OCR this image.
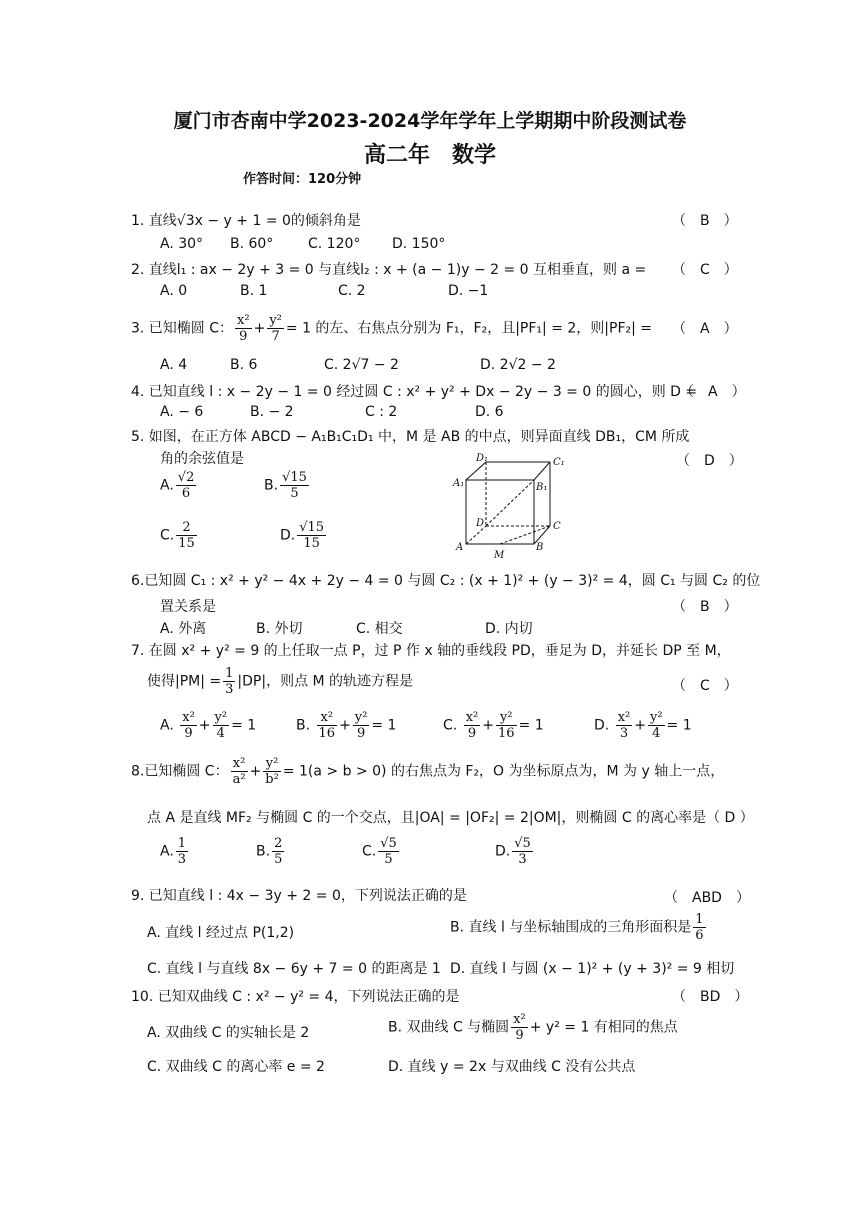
厦门市杏南中学2023-2024学年学年上学期期中阶段测试卷
高二年　数学
作答时间：120分钟
1. 直线√3x − y + 1 = 0的倾斜角是	（　B　）
A. 30° B. 60° C. 120° D. 150°
2. 直线l₁ : ax − 2y + 3 = 0 与直线l₂ : x + (a − 1)y − 2 = 0 互相垂直，则 a = （　C　）
A. 0	B. 1	C. 2	D. −1
3. 已知椭圆 C： $\frac{\text{x²}}{9} + \frac{\text{y²}}{7} = 1$ 的左、右焦点分别为 F₁，F₂，且|PF₁| = 2，则|PF₂| = （　A　）
A. 4	B. 6	C. 2√7 − 2	D. 2√2 − 2
4. 已知直线 l : x − 2y − 1 = 0 经过圆 C : x² + y² + Dx − 2y − 3 = 0 的圆心，则 D =
（　A　）
A. − 6	B. − 2	C : 2	D. 6
5. 如图，在正方体 ABCD − A₁B₁C₁D₁ 中，M 是 AB 的中点，则异面直线 DB₁，CM 所成
角的余弦值是	（　D　）
A. $\frac{√2}{6}$	B. $\frac{√15}{5}$
C. $\frac{2}{15}$	D. $\frac{√15}{15}$
D₁	C₁
A₁	B₁
D	C
A	B
M
6.已知圆 C₁ : x² + y² − 4x + 2y − 4 = 0 与圆 C₂ : (x + 1)² + (y − 3)² = 4，圆 C₁ 与圆 C₂ 的位
置关系是	（　B　）
A. 外离	B. 外切	C. 相交	D. 内切
7. 在圆 x² + y² = 9 的上任取一点 P，过 P 作 x 轴的垂线段 PD，垂足为 D，并延长 DP 至 M，
使得$|PM| = \frac{1}{3} |DP|$，则点 M 的轨迹方程是	（　C　）
A. $\frac{\text{x²}}{9} + \frac{\text{y²}}{4} = 1$	B. $\frac{\text{x²}}{16} + \frac{\text{y²}}{9} = 1$	C. $\frac{\text{x²}}{9} + \frac{\text{y²}}{16} = 1$	D. $\frac{\text{x²}}{3} + \frac{\text{y²}}{4} = 1$
8.已知椭圆 C： $\frac{\text{x²}}{\text{a²}} + \frac{\text{y²}}{\text{b²}} = 1(a > b > 0)$ 的右焦点为 F₂，O 为坐标原点为，M 为 y 轴上一点，
点 A 是直线 MF₂ 与椭圆 C 的一个交点，且|OA| = |OF₂| = 2|OM|，则椭圆 C 的离心率是（ D ）
A. $\frac{1}{3}$	B. $\frac{2}{5}$	C. $\frac{√5}{5}$	D. $\frac{√5}{3}$
9. 已知直线 l : 4x − 3y + 2 = 0，下列说法正确的是	（　ABD　）
A. 直线 l 经过点 P(1,2)	B. 直线 l 与坐标轴围成的三角形面积是 $\frac{1}{6}$
C. 直线 l 与直线 8x − 6y + 7 = 0 的距离是 1 D. 直线 l 与圆 (x − 1)² + (y + 3)² = 9 相切
10. 已知双曲线 C : x² − y² = 4，下列说法正确的是	（　BD　）
A. 双曲线 C 的实轴长是 2	B. 双曲线 C 与椭圆 $\frac{\text{x²}}{9} + y^2 = 1$ 有相同的焦点
C. 双曲线 C 的离心率 e = 2	D. 直线 y = 2x 与双曲线 C 没有公共点
